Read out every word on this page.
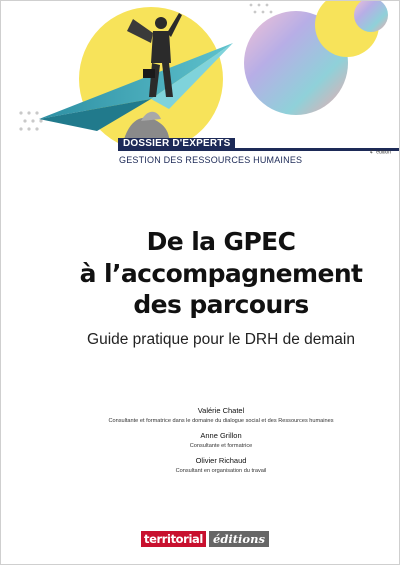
DOSSIER D'EXPERTS
4e édition
GESTION DES RESSOURCES HUMAINES
De la GPEC
à l’accompagnement
des parcours
Guide pratique pour le DRH de demain
Valérie Chatel
Consultante et formatrice dans le domaine du dialogue social et des Ressources humaines
Anne Grillon
Consultante et formatrice
Olivier Richaud
Consultant en organisation du travail
territorial éditions
